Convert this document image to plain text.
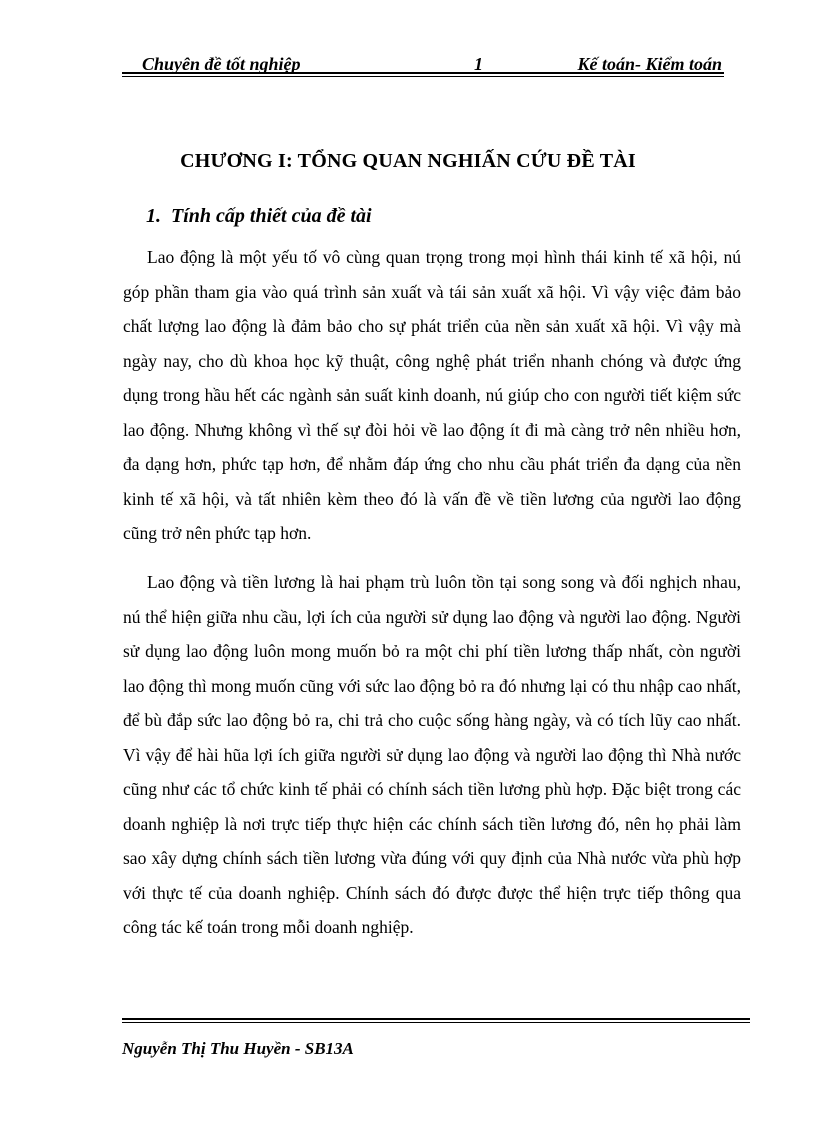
Chuyên đề tốt nghiệp	1	Kế toán- Kiểm toán
CHƯƠNG I: TỔNG QUAN NGHIẤN CỨU ĐỀ TÀI
1. Tính cấp thiết của đề tài

Lao động là một yếu tố vô cùng quan trọng trong mọi hình thái kinh tế xã hội, nú góp phần tham gia vào quá trình sản xuất và tái sản xuất xã hội. Vì vậy việc đảm bảo chất lượng lao động là đảm bảo cho sự phát triển của nền sản xuất xã hội. Vì vậy mà ngày nay, cho dù khoa học kỹ thuật, công nghệ phát triển nhanh chóng và được ứng dụng trong hầu hết các ngành sản suất kinh doanh, nú giúp cho con người tiết kiệm sức lao động. Nhưng không vì thế sự đòi hỏi về lao động ít đi mà càng trở nên nhiều hơn, đa dạng hơn, phức tạp hơn, để nhằm đáp ứng cho nhu cầu phát triển đa dạng của nền kinh tế xã hội, và tất nhiên kèm theo đó là vấn đề về tiền lương của người lao động cũng trở nên phức tạp hơn.

Lao động và tiền lương là hai phạm trù luôn tồn tại song song và đối nghịch nhau, nú thể hiện giữa nhu cầu, lợi ích của người sử dụng lao động và người lao động. Người sử dụng lao động luôn mong muốn bỏ ra một chi phí tiền lương thấp nhất, còn người lao động thì mong muốn cũng với sức lao động bỏ ra đó nhưng lại có thu nhập cao nhất, để bù đắp sức lao động bỏ ra, chi trả cho cuộc sống hàng ngày, và có tích lũy cao nhất. Vì vậy để hài hũa lợi ích giữa người sử dụng lao động và người lao động thì Nhà nước cũng như các tổ chức kinh tế phải có chính sách tiền lương phù hợp. Đặc biệt trong các doanh nghiệp là nơi trực tiếp thực hiện các chính sách tiền lương đó, nên họ phải làm sao xây dựng chính sách tiền lương vừa đúng với quy định của Nhà nước vừa phù hợp với thực tế của doanh nghiệp. Chính sách đó được được thể hiện trực tiếp thông qua công tác kế toán trong mỗi doanh nghiệp.

Nguyễn Thị Thu Huyền - SB13A
